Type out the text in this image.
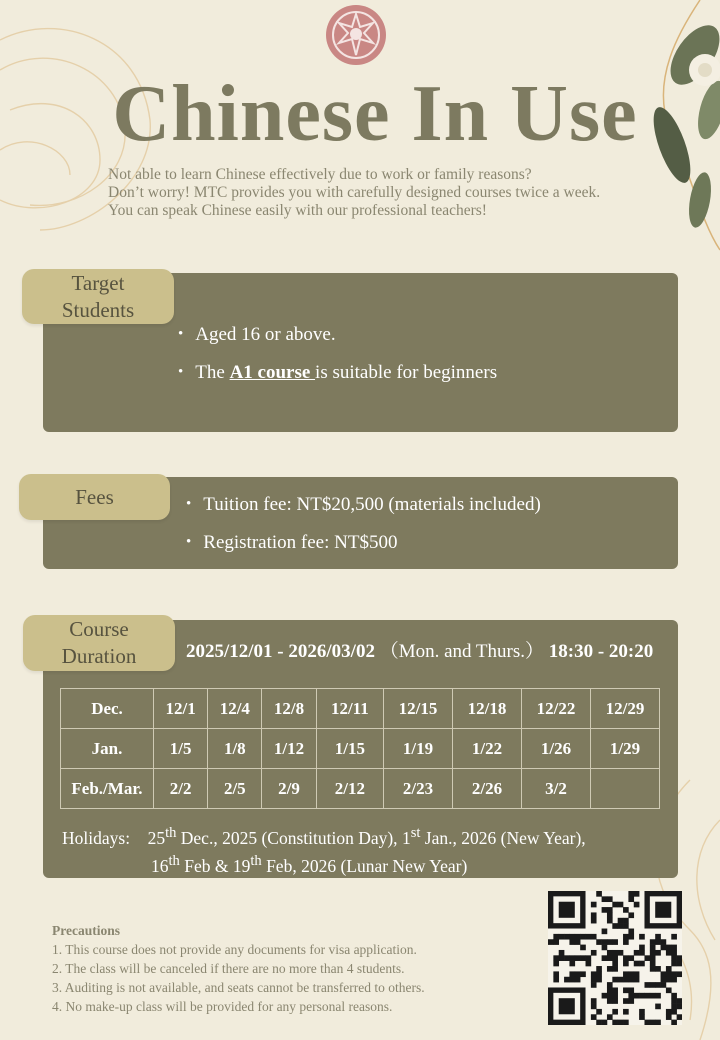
Chinese In Use
Not able to learn Chinese effectively due to work or family reasons?
Don’t worry! MTC provides you with carefully designed courses twice a week.
You can speak Chinese easily with our professional teachers!
Target
Students
• Aged 16 or above.
• The A1 course is suitable for beginners
Fees	• Tuition fee: NT$20,500 (materials included)
• Registration fee: NT$500
Course
Duration	2025/12/01 - 2026/03/02 （Mon. and Thurs.） 18:30 - 20:20
Dec.	12/1	12/4	12/8	12/11	12/15	12/18	12/22	12/29
Jan.	1/5	1/8	1/12	1/15	1/19	1/22	1/26	1/29
Feb./Mar.	2/2	2/5	2/9	2/12	2/23	2/26	3/2	
Holidays: 25th Dec., 2025 (Constitution Day), 1st Jan., 2026 (New Year),
16th Feb & 19th Feb, 2026 (Lunar New Year)
Precautions
1. This course does not provide any documents for visa application.
2. The class will be canceled if there are no more than 4 students.
3. Auditing is not available, and seats cannot be transferred to others.
4. No make-up class will be provided for any personal reasons.
